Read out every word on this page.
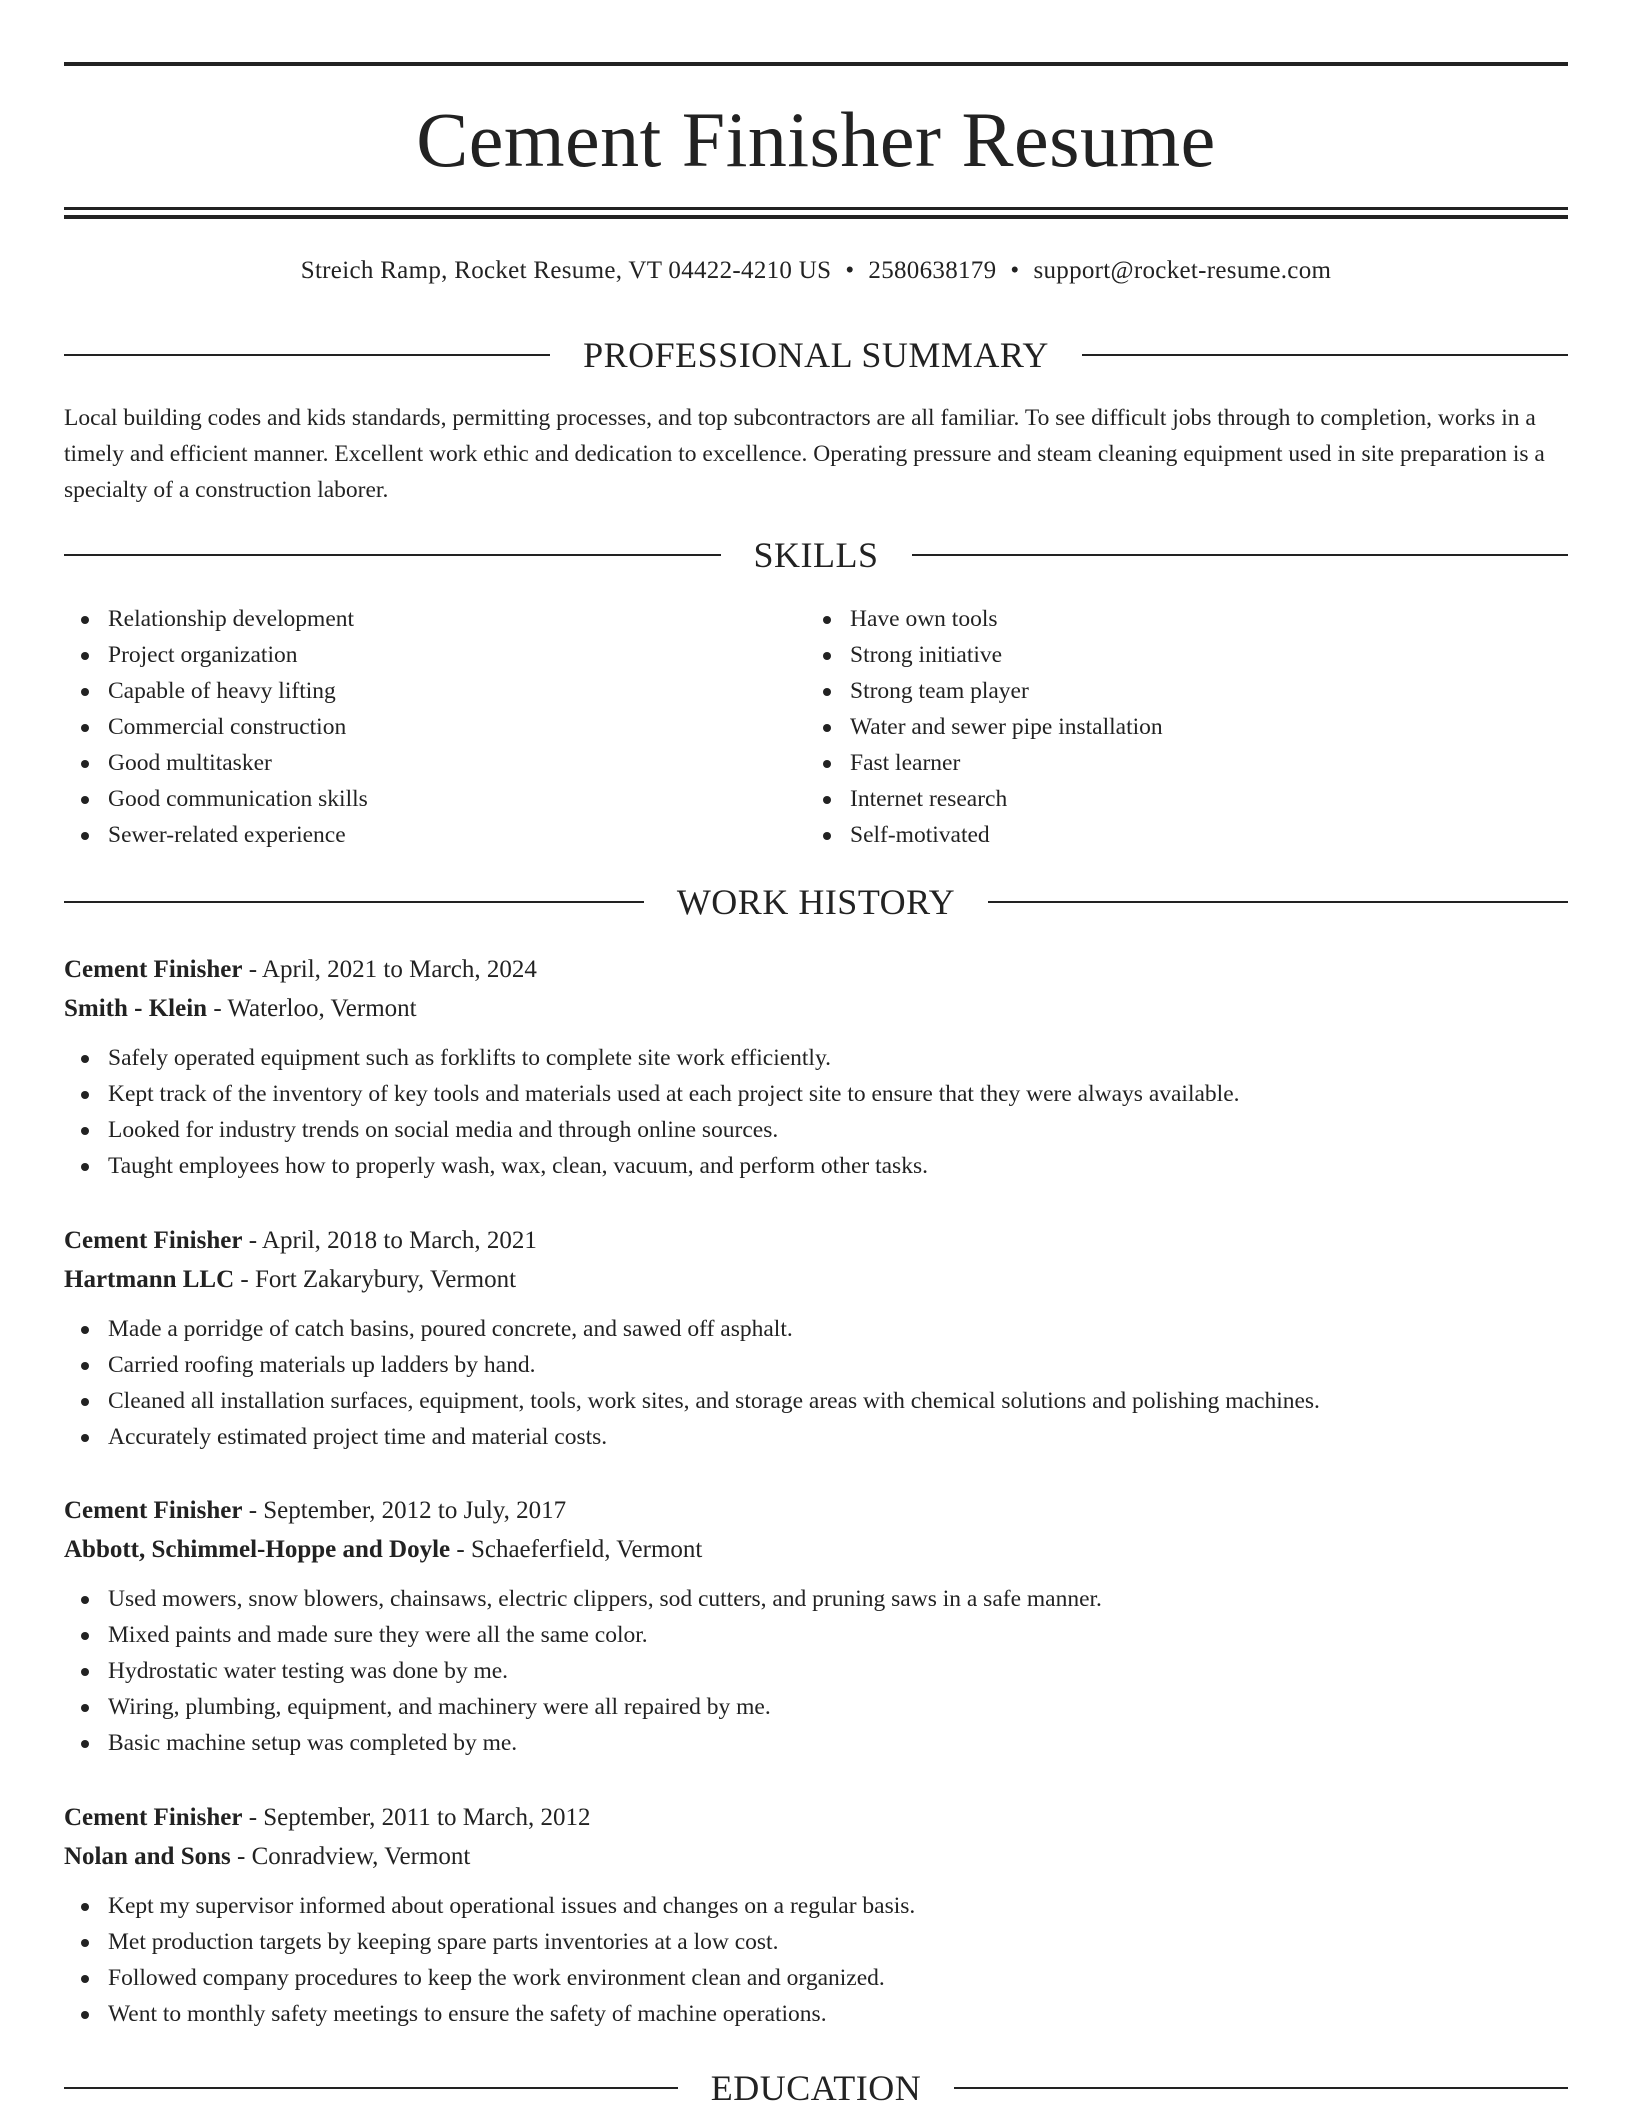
Cement Finisher Resume
Streich Ramp, Rocket Resume, VT 04422-4210 US • 2580638179 • support@rocket-resume.com
PROFESSIONAL SUMMARY
Local building codes and kids standards, permitting processes, and top subcontractors are all familiar. To see difficult jobs through to completion, works in a timely and efficient manner. Excellent work ethic and dedication to excellence. Operating pressure and steam cleaning equipment used in site preparation is a specialty of a construction laborer.
SKILLS
Relationship development
Project organization
Capable of heavy lifting
Commercial construction
Good multitasker
Good communication skills
Sewer-related experience
Have own tools
Strong initiative
Strong team player
Water and sewer pipe installation
Fast learner
Internet research
Self-motivated
WORK HISTORY
Cement Finisher - April, 2021 to March, 2024
Smith - Klein - Waterloo, Vermont
Safely operated equipment such as forklifts to complete site work efficiently.
Kept track of the inventory of key tools and materials used at each project site to ensure that they were always available.
Looked for industry trends on social media and through online sources.
Taught employees how to properly wash, wax, clean, vacuum, and perform other tasks.
Cement Finisher - April, 2018 to March, 2021
Hartmann LLC - Fort Zakarybury, Vermont
Made a porridge of catch basins, poured concrete, and sawed off asphalt.
Carried roofing materials up ladders by hand.
Cleaned all installation surfaces, equipment, tools, work sites, and storage areas with chemical solutions and polishing machines.
Accurately estimated project time and material costs.
Cement Finisher - September, 2012 to July, 2017
Abbott, Schimmel-Hoppe and Doyle - Schaeferfield, Vermont
Used mowers, snow blowers, chainsaws, electric clippers, sod cutters, and pruning saws in a safe manner.
Mixed paints and made sure they were all the same color.
Hydrostatic water testing was done by me.
Wiring, plumbing, equipment, and machinery were all repaired by me.
Basic machine setup was completed by me.
Cement Finisher - September, 2011 to March, 2012
Nolan and Sons - Conradview, Vermont
Kept my supervisor informed about operational issues and changes on a regular basis.
Met production targets by keeping spare parts inventories at a low cost.
Followed company procedures to keep the work environment clean and organized.
Went to monthly safety meetings to ensure the safety of machine operations.
EDUCATION
